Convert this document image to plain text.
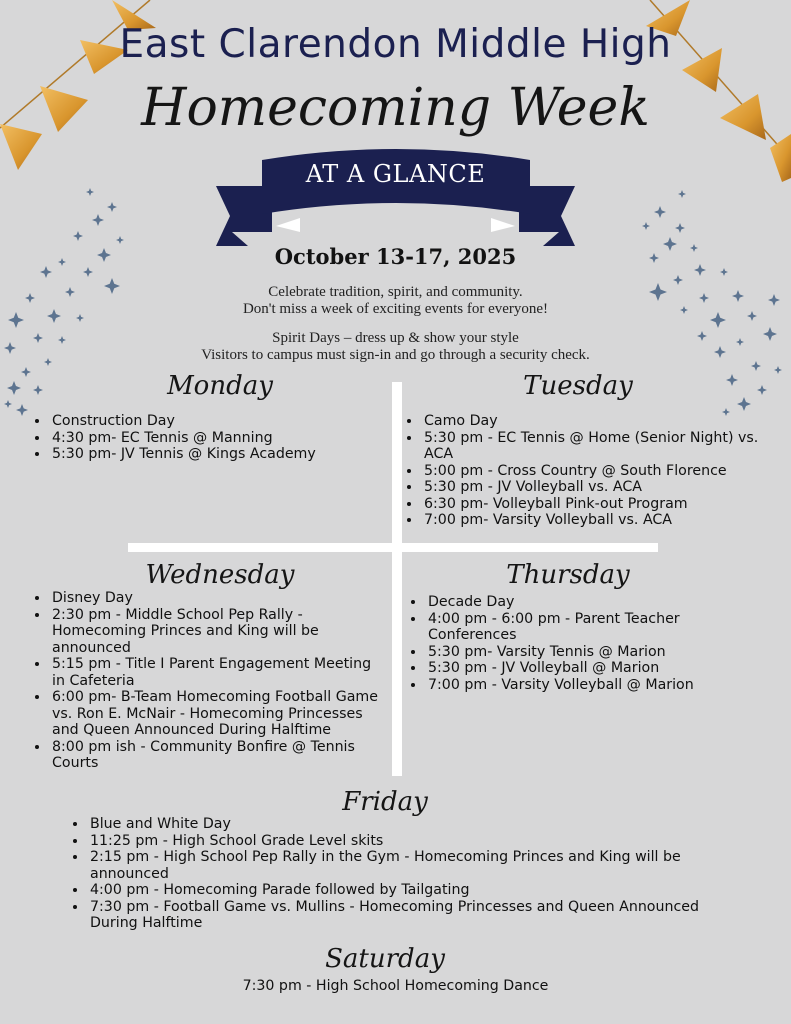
East Clarendon Middle High
Homecoming Week
AT A GLANCE
October 13-17, 2025
Celebrate tradition, spirit, and community.
Don't miss a week of exciting events for everyone!
Spirit Days – dress up & show your style
Visitors to campus must sign-in and go through a security check.
Monday
• Construction Day
• 4:30 pm- EC Tennis @ Manning
• 5:30 pm- JV Tennis @ Kings Academy
Tuesday
• Camo Day
• 5:30 pm - EC Tennis @ Home (Senior Night) vs. ACA
• 5:00 pm - Cross Country @ South Florence
• 5:30 pm - JV Volleyball vs. ACA
• 6:30 pm- Volleyball Pink-out Program
• 7:00 pm- Varsity Volleyball vs. ACA
Wednesday
• Disney Day
• 2:30 pm - Middle School Pep Rally - Homecoming Princes and King will be announced
• 5:15 pm - Title I Parent Engagement Meeting in Cafeteria
• 6:00 pm- B-Team Homecoming Football Game vs. Ron E. McNair - Homecoming Princesses and Queen Announced During Halftime
• 8:00 pm ish - Community Bonfire @ Tennis Courts
Thursday
• Decade Day
• 4:00 pm - 6:00 pm - Parent Teacher Conferences
• 5:30 pm- Varsity Tennis @ Marion
• 5:30 pm - JV Volleyball @ Marion
• 7:00 pm - Varsity Volleyball @ Marion
Friday
• Blue and White Day
• 11:25 pm - High School Grade Level skits
• 2:15 pm - High School Pep Rally in the Gym - Homecoming Princes and King will be announced
• 4:00 pm - Homecoming Parade followed by Tailgating
• 7:30 pm - Football Game vs. Mullins - Homecoming Princesses and Queen Announced During Halftime
Saturday
7:30 pm - High School Homecoming Dance
